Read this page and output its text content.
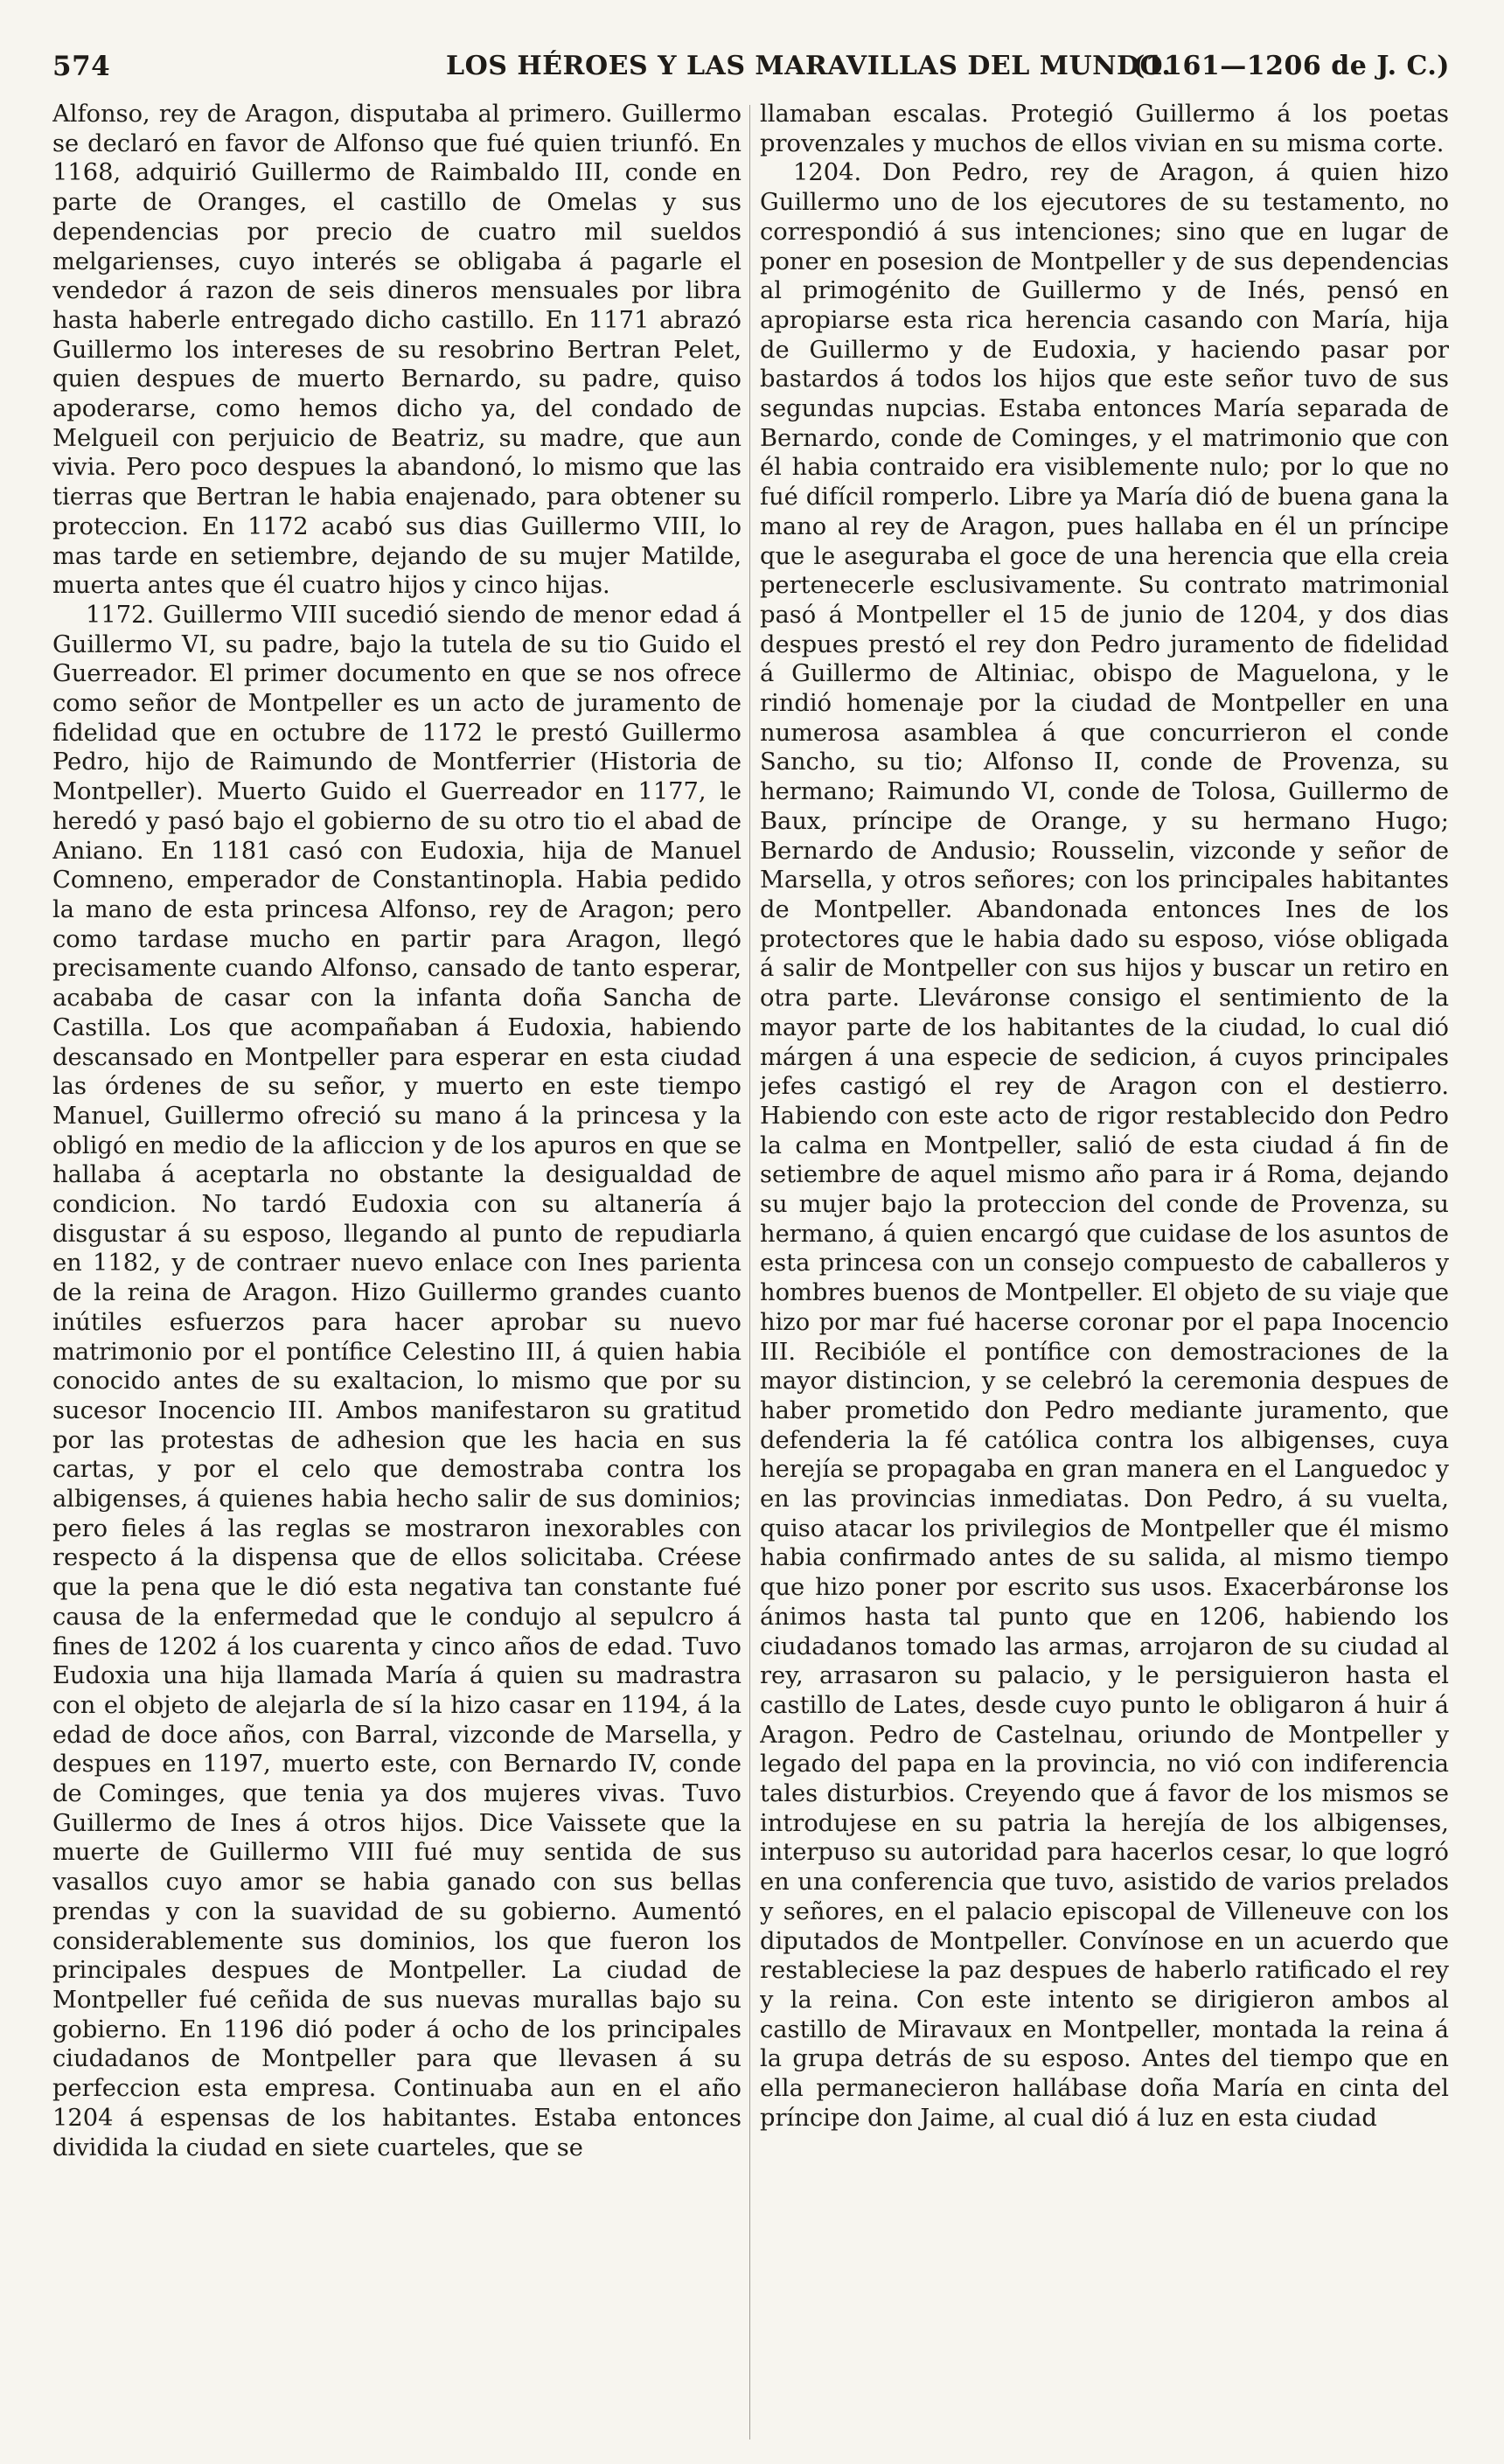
574	LOS HÉROES Y LAS MARAVILLAS DEL MUNDO.
(1161—1206 de J. C.)

Alfonso, rey de Aragon, disputaba al primero. Guillermo se declaró en favor de Alfonso que fué quien triunfó. En 1168, adquirió Guillermo de Raimbaldo III, conde en parte de Oranges, el castillo de Omelas y sus dependencias por precio de cuatro mil sueldos melgarienses, cuyo interés se obligaba á pagarle el vendedor á razon de seis dineros mensuales por libra hasta haberle entregado dicho castillo. En 1171 abrazó Guillermo los intereses de su resobrino Bertran Pelet, quien despues de muerto Bernardo, su padre, quiso apoderarse, como hemos dicho ya, del condado de Melgueil con perjuicio de Beatriz, su madre, que aun vivia. Pero poco despues la abandonó, lo mismo que las tierras que Bertran le habia enajenado, para obtener su proteccion. En 1172 acabó sus dias Guillermo VIII, lo mas tarde en setiembre, dejando de su mujer Matilde, muerta antes que él cuatro hijos y cinco hijas.

1172. Guillermo VIII sucedió siendo de menor edad á Guillermo VI, su padre, bajo la tutela de su tio Guido el Guerreador. El primer documento en que se nos ofrece como señor de Montpeller es un acto de juramento de fidelidad que en octubre de 1172 le prestó Guillermo Pedro, hijo de Raimundo de Montferrier (Historia de Montpeller). Muerto Guido el Guerreador en 1177, le heredó y pasó bajo el gobierno de su otro tio el abad de Aniano. En 1181 casó con Eudoxia, hija de Manuel Comneno, emperador de Constantinopla. Habia pedido la mano de esta princesa Alfonso, rey de Aragon; pero como tardase mucho en partir para Aragon, llegó precisamente cuando Alfonso, cansado de tanto esperar, acababa de casar con la infanta doña Sancha de Castilla. Los que acompañaban á Eudoxia, habiendo descansado en Montpeller para esperar en esta ciudad las órdenes de su señor, y muerto en este tiempo Manuel, Guillermo ofreció su mano á la princesa y la obligó en medio de la afliccion y de los apuros en que se hallaba á aceptarla no obstante la desigualdad de condicion. No tardó Eudoxia con su altanería á disgustar á su esposo, llegando al punto de repudiarla en 1182, y de contraer nuevo enlace con Ines parienta de la reina de Aragon. Hizo Guillermo grandes cuanto inútiles esfuerzos para hacer aprobar su nuevo matrimonio por el pontífice Celestino III, á quien habia conocido antes de su exaltacion, lo mismo que por su sucesor Inocencio III. Ambos manifestaron su gratitud por las protestas de adhesion que les hacia en sus cartas, y por el celo que demostraba contra los albigenses, á quienes habia hecho salir de sus dominios; pero fieles á las reglas se mostraron inexorables con respecto á la dispensa que de ellos solicitaba. Créese que la pena que le dió esta negativa tan constante fué causa de la enfermedad que le condujo al sepulcro á fines de 1202 á los cuarenta y cinco años de edad. Tuvo Eudoxia una hija llamada María á quien su madrastra con el objeto de alejarla de sí la hizo casar en 1194, á la edad de doce años, con Barral, vizconde de Marsella, y despues en 1197, muerto este, con Bernardo IV, conde de Cominges, que tenia ya dos mujeres vivas. Tuvo Guillermo de Ines á otros hijos. Dice Vaissete que la muerte de Guillermo VIII fué muy sentida de sus vasallos cuyo amor se habia ganado con sus bellas prendas y con la suavidad de su gobierno. Aumentó considerablemente sus dominios, los que fueron los principales despues de Montpeller. La ciudad de Montpeller fué ceñida de sus nuevas murallas bajo su gobierno. En 1196 dió poder á ocho de los principales ciudadanos de Montpeller para que llevasen á su perfeccion esta empresa. Continuaba aun en el año 1204 á espensas de los habitantes. Estaba entonces dividida la ciudad en siete cuarteles, que se

llamaban escalas. Protegió Guillermo á los poetas provenzales y muchos de ellos vivian en su misma corte.

1204. Don Pedro, rey de Aragon, á quien hizo Guillermo uno de los ejecutores de su testamento, no correspondió á sus intenciones; sino que en lugar de poner en posesion de Montpeller y de sus dependencias al primogénito de Guillermo y de Inés, pensó en apropiarse esta rica herencia casando con María, hija de Guillermo y de Eudoxia, y haciendo pasar por bastardos á todos los hijos que este señor tuvo de sus segundas nupcias. Estaba entonces María separada de Bernardo, conde de Cominges, y el matrimonio que con él habia contraido era visiblemente nulo; por lo que no fué difícil romperlo. Libre ya María dió de buena gana la mano al rey de Aragon, pues hallaba en él un príncipe que le aseguraba el goce de una herencia que ella creia pertenecerle esclusivamente. Su contrato matrimonial pasó á Montpeller el 15 de junio de 1204, y dos dias despues prestó el rey don Pedro juramento de fidelidad á Guillermo de Altiniac, obispo de Maguelona, y le rindió homenaje por la ciudad de Montpeller en una numerosa asamblea á que concurrieron el conde Sancho, su tio; Alfonso II, conde de Provenza, su hermano; Raimundo VI, conde de Tolosa, Guillermo de Baux, príncipe de Orange, y su hermano Hugo; Bernardo de Andusio; Rousselin, vizconde y señor de Marsella, y otros señores; con los principales habitantes de Montpeller. Abandonada entonces Ines de los protectores que le habia dado su esposo, vióse obligada á salir de Montpeller con sus hijos y buscar un retiro en otra parte. Lleváronse consigo el sentimiento de la mayor parte de los habitantes de la ciudad, lo cual dió márgen á una especie de sedicion, á cuyos principales jefes castigó el rey de Aragon con el destierro. Habiendo con este acto de rigor restablecido don Pedro la calma en Montpeller, salió de esta ciudad á fin de setiembre de aquel mismo año para ir á Roma, dejando su mujer bajo la proteccion del conde de Provenza, su hermano, á quien encargó que cuidase de los asuntos de esta princesa con un consejo compuesto de caballeros y hombres buenos de Montpeller. El objeto de su viaje que hizo por mar fué hacerse coronar por el papa Inocencio III. Recibióle el pontífice con demostraciones de la mayor distincion, y se celebró la ceremonia despues de haber prometido don Pedro mediante juramento, que defenderia la fé católica contra los albigenses, cuya herejía se propagaba en gran manera en el Languedoc y en las provincias inmediatas. Don Pedro, á su vuelta, quiso atacar los privilegios de Montpeller que él mismo habia confirmado antes de su salida, al mismo tiempo que hizo poner por escrito sus usos. Exacerbáronse los ánimos hasta tal punto que en 1206, habiendo los ciudadanos tomado las armas, arrojaron de su ciudad al rey, arrasaron su palacio, y le persiguieron hasta el castillo de Lates, desde cuyo punto le obligaron á huir á Aragon. Pedro de Castelnau, oriundo de Montpeller y legado del papa en la provincia, no vió con indiferencia tales disturbios. Creyendo que á favor de los mismos se introdujese en su patria la herejía de los albigenses, interpuso su autoridad para hacerlos cesar, lo que logró en una conferencia que tuvo, asistido de varios prelados y señores, en el palacio episcopal de Villeneuve con los diputados de Montpeller. Convínose en un acuerdo que restableciese la paz despues de haberlo ratificado el rey y la reina. Con este intento se dirigieron ambos al castillo de Miravaux en Montpeller, montada la reina á la grupa detrás de su esposo. Antes del tiempo que en ella permanecieron hallábase doña María en cinta del príncipe don Jaime, al cual dió á luz en esta ciudad
